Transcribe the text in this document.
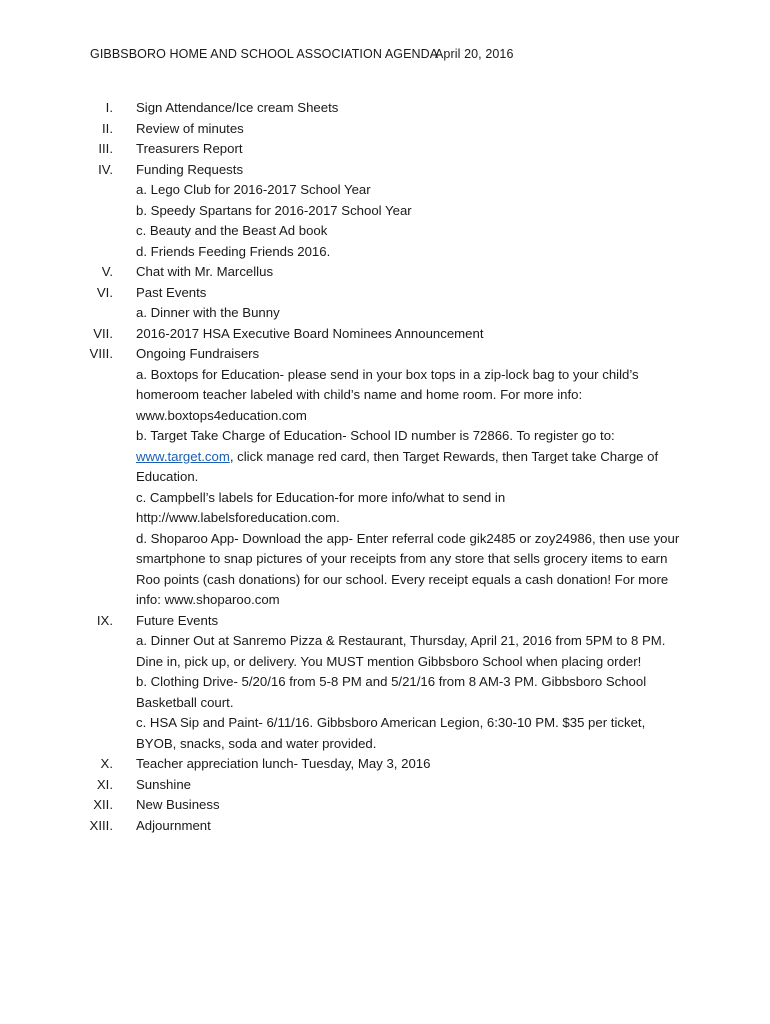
GIBBSBORO HOME AND SCHOOL ASSOCIATION AGENDA
April 20, 2016
I. Sign Attendance/Ice cream Sheets
II. Review of minutes
III. Treasurers Report
IV. Funding Requests
a. Lego Club for 2016-2017 School Year
b. Speedy Spartans for 2016-2017 School Year
c. Beauty and the Beast Ad book
d. Friends Feeding Friends 2016.
V. Chat with Mr. Marcellus
VI. Past Events
a. Dinner with the Bunny
VII. 2016-2017 HSA Executive Board Nominees Announcement
VIII. Ongoing Fundraisers
a. Boxtops for Education- please send in your box tops in a zip-lock bag to your child’s homeroom teacher labeled with child’s name and home room. For more info: www.boxtops4education.com
b. Target Take Charge of Education- School ID number is 72866. To register go to: www.target.com, click manage red card, then Target Rewards, then Target take Charge of Education.
c. Campbell’s labels for Education-for more info/what to send in http://www.labelsforeducation.com.
d. Shoparoo App- Download the app- Enter referral code gik2485 or zoy24986, then use your smartphone to snap pictures of your receipts from any store that sells grocery items to earn Roo points (cash donations) for our school. Every receipt equals a cash donation! For more info: www.shoparoo.com
IX. Future Events
a. Dinner Out at Sanremo Pizza & Restaurant, Thursday, April 21, 2016 from 5PM to 8 PM. Dine in, pick up, or delivery. You MUST mention Gibbsboro School when placing order!
b. Clothing Drive- 5/20/16 from 5-8 PM and 5/21/16 from 8 AM-3 PM. Gibbsboro School Basketball court.
c. HSA Sip and Paint- 6/11/16. Gibbsboro American Legion, 6:30-10 PM. $35 per ticket, BYOB, snacks, soda and water provided.
X. Teacher appreciation lunch- Tuesday, May 3, 2016
XI. Sunshine
XII. New Business
XIII. Adjournment
